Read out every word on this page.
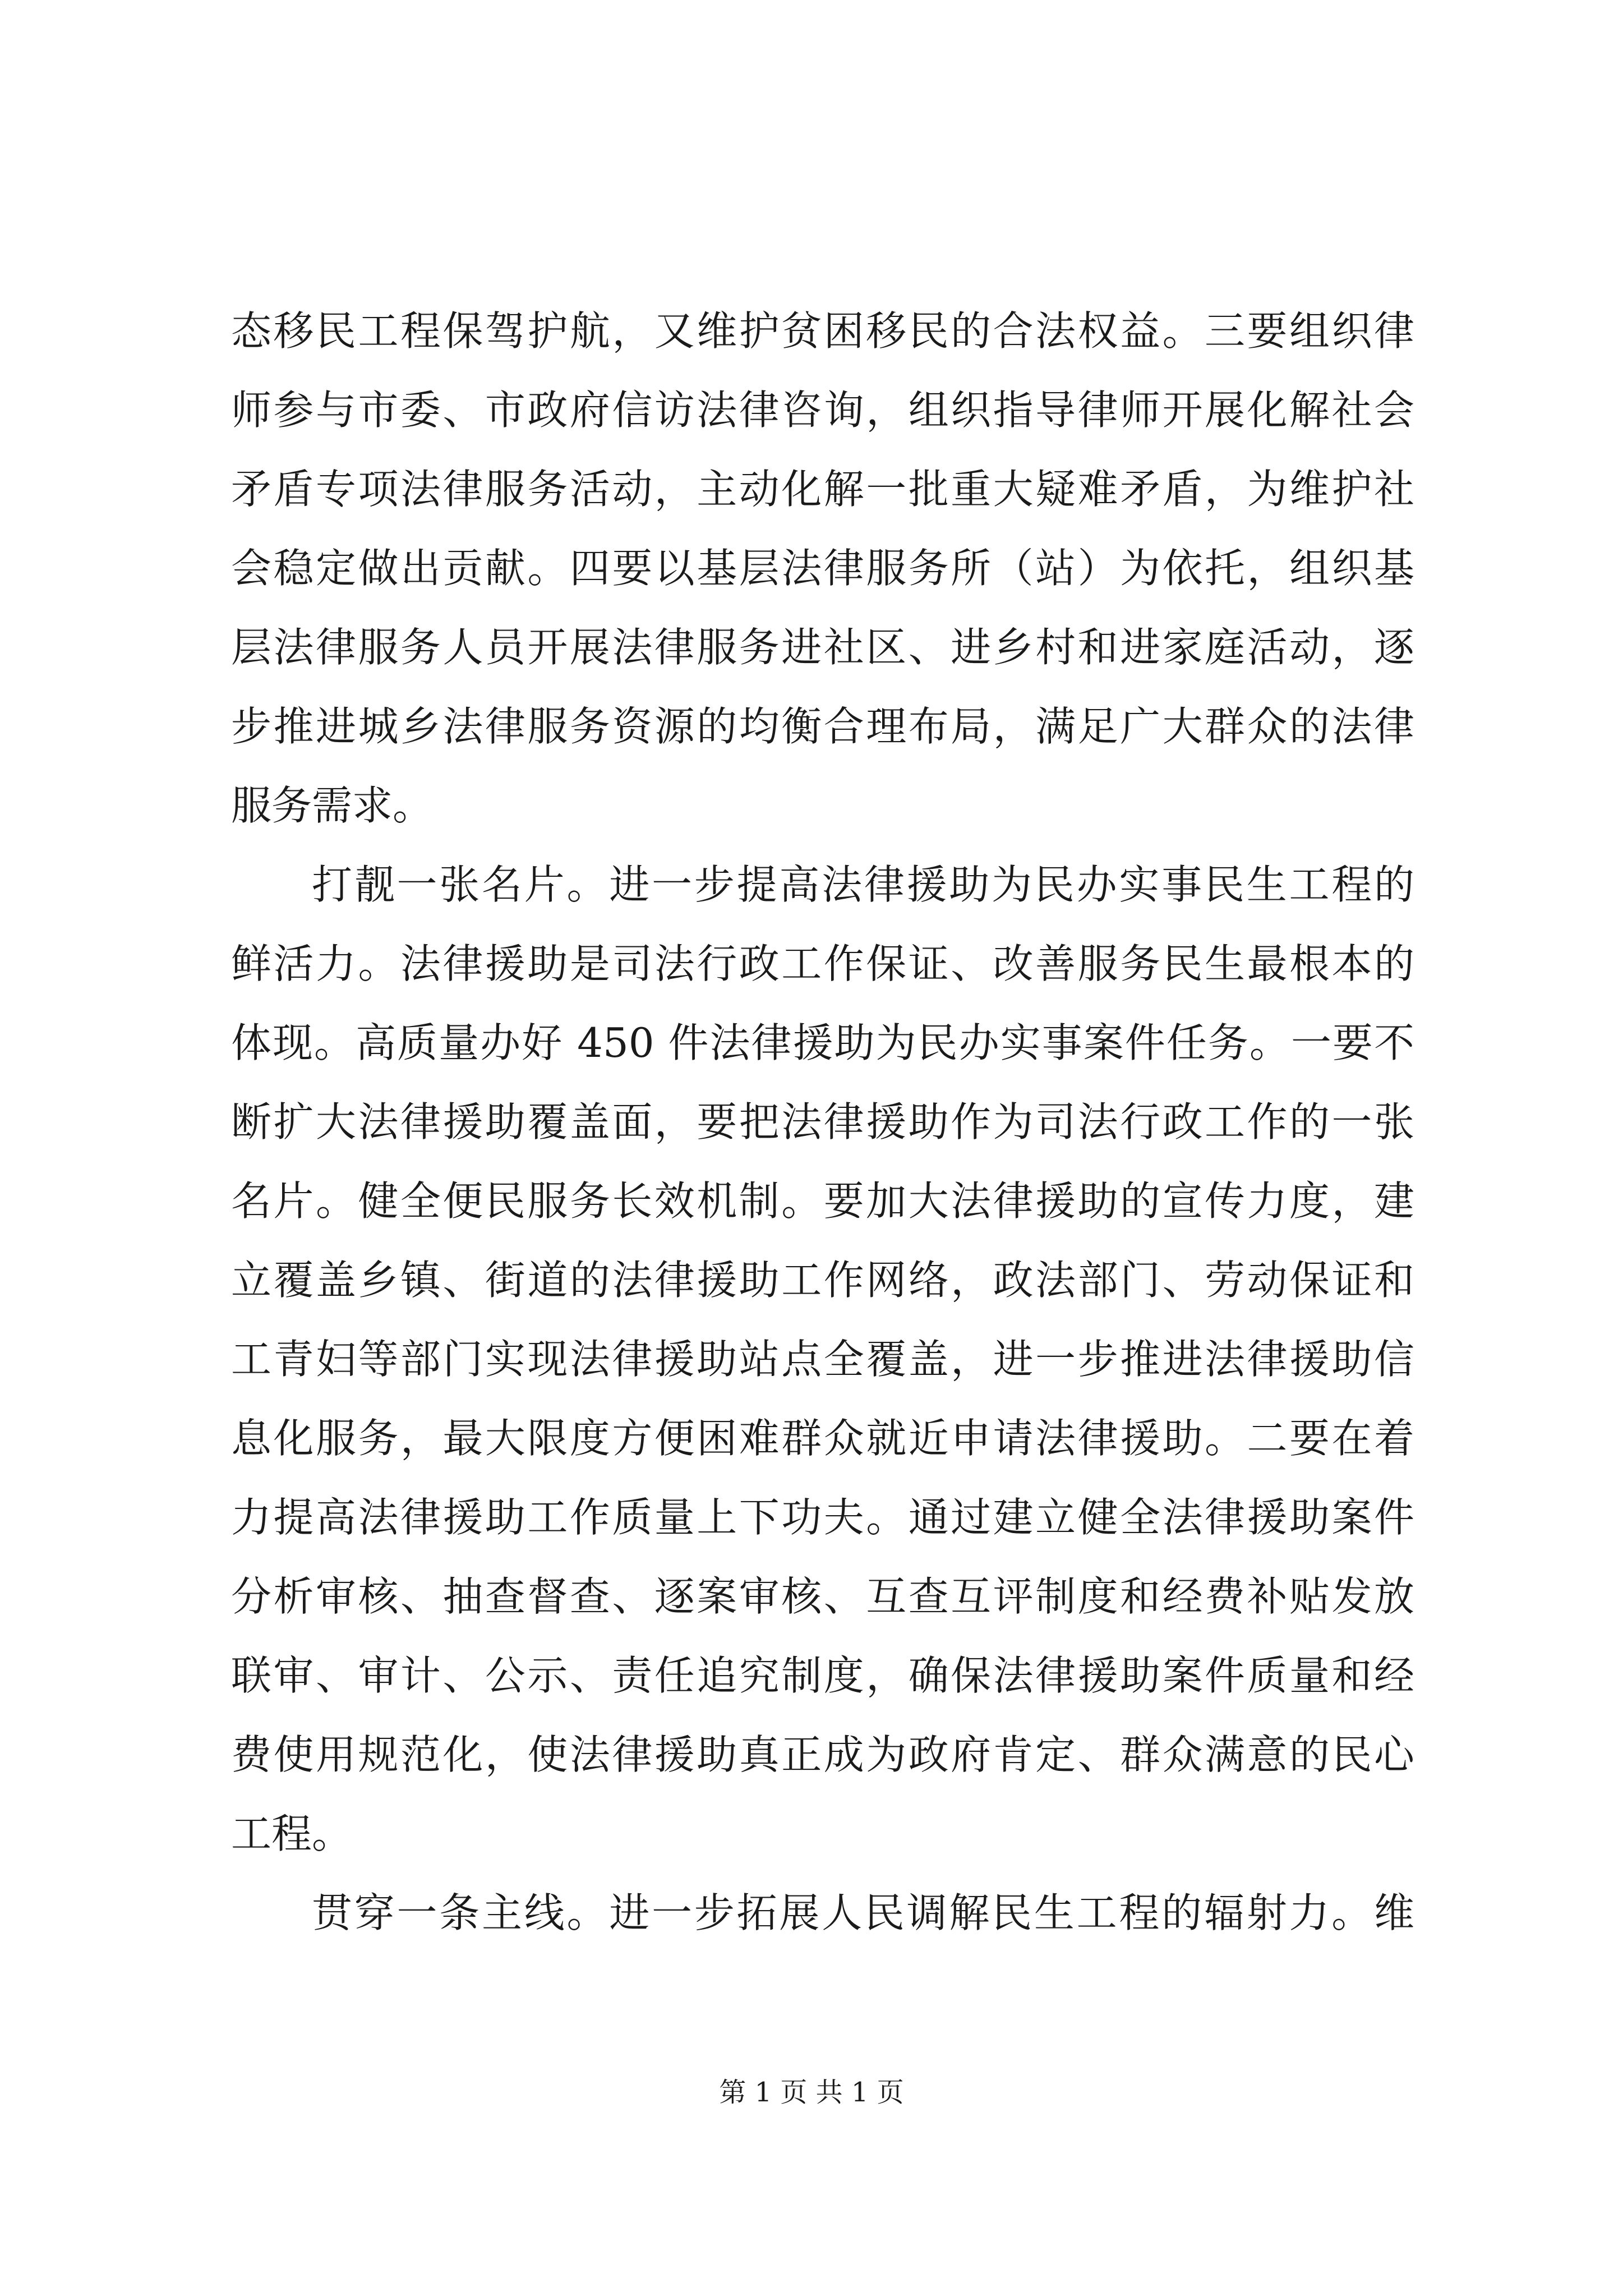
态移民工程保驾护航，又维护贫困移民的合法权益。三要组织律
师参与市委、市政府信访法律咨询，组织指导律师开展化解社会
矛盾专项法律服务活动，主动化解一批重大疑难矛盾，为维护社
会稳定做出贡献。四要以基层法律服务所（站）为依托，组织基
层法律服务人员开展法律服务进社区、进乡村和进家庭活动，逐
步推进城乡法律服务资源的均衡合理布局，满足广大群众的法律
服务需求。
打靓一张名片。进一步提高法律援助为民办实事民生工程的
鲜活力。法律援助是司法行政工作保证、改善服务民生最根本的
体现。高质量办好 450 件法律援助为民办实事案件任务。一要不
断扩大法律援助覆盖面，要把法律援助作为司法行政工作的一张
名片。健全便民服务长效机制。要加大法律援助的宣传力度，建
立覆盖乡镇、街道的法律援助工作网络，政法部门、劳动保证和
工青妇等部门实现法律援助站点全覆盖，进一步推进法律援助信
息化服务，最大限度方便困难群众就近申请法律援助。二要在着
力提高法律援助工作质量上下功夫。通过建立健全法律援助案件
分析审核、抽查督查、逐案审核、互查互评制度和经费补贴发放
联审、审计、公示、责任追究制度，确保法律援助案件质量和经
费使用规范化，使法律援助真正成为政府肯定、群众满意的民心
工程。
贯穿一条主线。进一步拓展人民调解民生工程的辐射力。维
第 1 页 共 1 页
